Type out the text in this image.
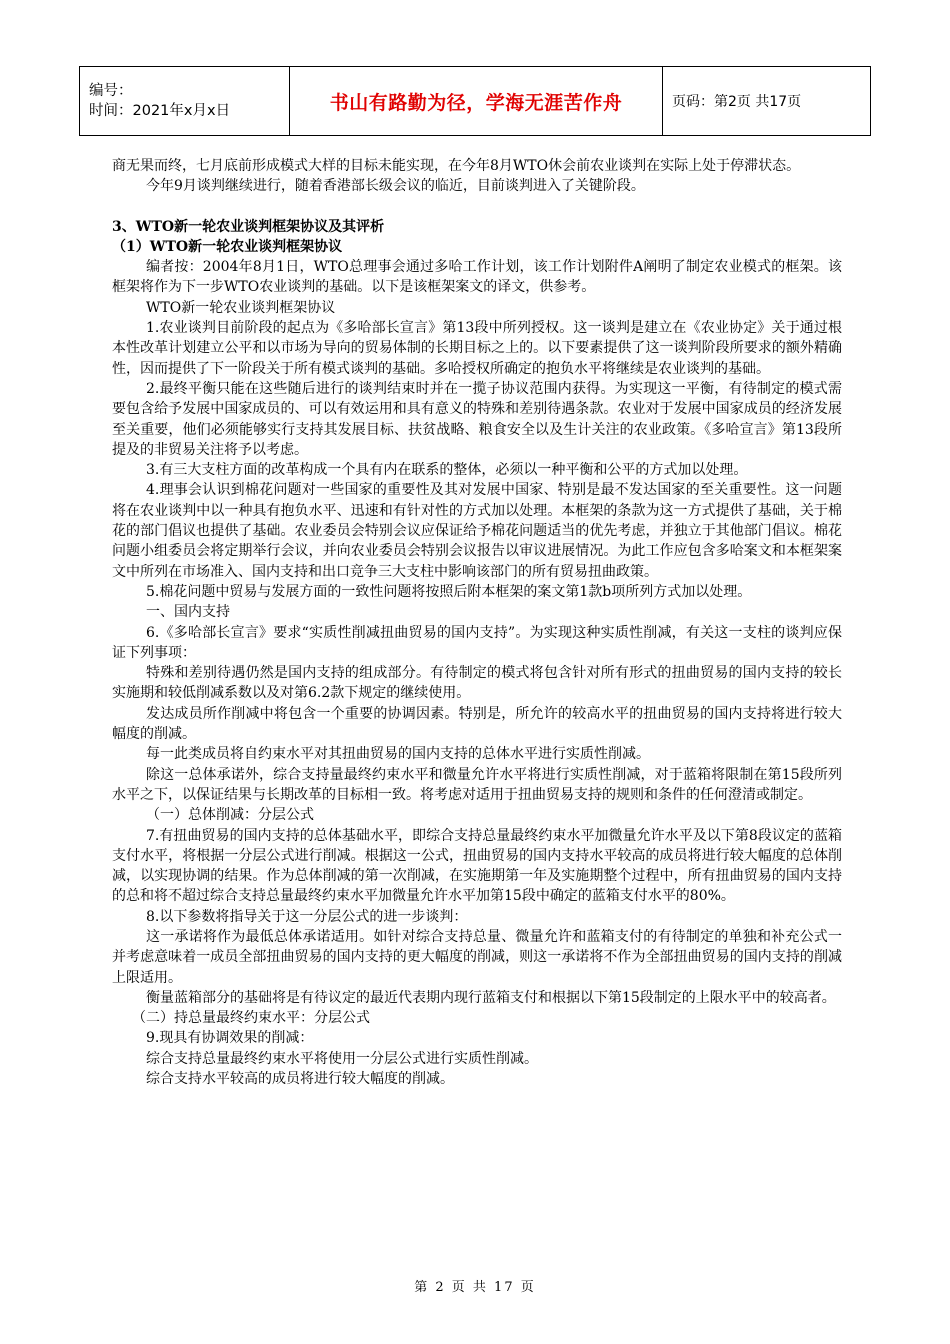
编号：
时间：2021年x月x日	书山有路勤为径，学海无涯苦作舟	页码：第2页 共17页

商无果而终，七月底前形成模式大样的目标未能实现，在今年8月WTO休会前农业谈判在实际上处于停滞状态。

今年9月谈判继续进行，随着香港部长级会议的临近，目前谈判进入了关键阶段。

3、WTO新一轮农业谈判框架协议及其评析

（1）WTO新一轮农业谈判框架协议

编者按：2004年8月1日，WTO总理事会通过多哈工作计划，该工作计划附件A阐明了制定农业模式的框架。该框架将作为下一步WTO农业谈判的基础。以下是该框架案文的译文，供参考。

WTO新一轮农业谈判框架协议

1.农业谈判目前阶段的起点为《多哈部长宣言》第13段中所列授权。这一谈判是建立在《农业协定》关于通过根本性改革计划建立公平和以市场为导向的贸易体制的长期目标之上的。以下要素提供了这一谈判阶段所要求的额外精确性，因而提供了下一阶段关于所有模式谈判的基础。多哈授权所确定的抱负水平将继续是农业谈判的基础。

2.最终平衡只能在这些随后进行的谈判结束时并在一揽子协议范围内获得。为实现这一平衡，有待制定的模式需要包含给予发展中国家成员的、可以有效运用和具有意义的特殊和差别待遇条款。农业对于发展中国家成员的经济发展至关重要，他们必须能够实行支持其发展目标、扶贫战略、粮食安全以及生计关注的农业政策。《多哈宣言》第13段所提及的非贸易关注将予以考虑。

3.有三大支柱方面的改革构成一个具有内在联系的整体，必须以一种平衡和公平的方式加以处理。

4.理事会认识到棉花问题对一些国家的重要性及其对发展中国家、特别是最不发达国家的至关重要性。这一问题将在农业谈判中以一种具有抱负水平、迅速和有针对性的方式加以处理。本框架的条款为这一方式提供了基础，关于棉花的部门倡议也提供了基础。农业委员会特别会议应保证给予棉花问题适当的优先考虑，并独立于其他部门倡议。棉花问题小组委员会将定期举行会议，并向农业委员会特别会议报告以审议进展情况。为此工作应包含多哈案文和本框架案文中所列在市场准入、国内支持和出口竞争三大支柱中影响该部门的所有贸易扭曲政策。

5.棉花问题中贸易与发展方面的一致性问题将按照后附本框架的案文第1款b项所列方式加以处理。

一、国内支持

6.《多哈部长宣言》要求“实质性削减扭曲贸易的国内支持”。为实现这种实质性削减，有关这一支柱的谈判应保证下列事项：

特殊和差别待遇仍然是国内支持的组成部分。有待制定的模式将包含针对所有形式的扭曲贸易的国内支持的较长实施期和较低削减系数以及对第6.2款下规定的继续使用。

发达成员所作削减中将包含一个重要的协调因素。特别是，所允许的较高水平的扭曲贸易的国内支持将进行较大幅度的削减。

每一此类成员将自约束水平对其扭曲贸易的国内支持的总体水平进行实质性削减。

除这一总体承诺外，综合支持量最终约束水平和微量允许水平将进行实质性削减，对于蓝箱将限制在第15段所列水平之下，以保证结果与长期改革的目标相一致。将考虑对适用于扭曲贸易支持的规则和条件的任何澄清或制定。

（一）总体削减：分层公式

7.有扭曲贸易的国内支持的总体基础水平，即综合支持总量最终约束水平加微量允许水平及以下第8段议定的蓝箱支付水平，将根据一分层公式进行削减。根据这一公式，扭曲贸易的国内支持水平较高的成员将进行较大幅度的总体削减，以实现协调的结果。作为总体削减的第一次削减，在实施期第一年及实施期整个过程中，所有扭曲贸易的国内支持的总和将不超过综合支持总量最终约束水平加微量允许水平加第15段中确定的蓝箱支付水平的80%。

8.以下参数将指导关于这一分层公式的进一步谈判：

这一承诺将作为最低总体承诺适用。如针对综合支持总量、微量允许和蓝箱支付的有待制定的单独和补充公式一并考虑意味着一成员全部扭曲贸易的国内支持的更大幅度的削减，则这一承诺将不作为全部扭曲贸易的国内支持的削减上限适用。

衡量蓝箱部分的基础将是有待议定的最近代表期内现行蓝箱支付和根据以下第15段制定的上限水平中的较高者。

（二）持总量最终约束水平：分层公式

9.现具有协调效果的削减：

综合支持总量最终约束水平将使用一分层公式进行实质性削减。

综合支持水平较高的成员将进行较大幅度的削减。

第 2 页 共 17 页
